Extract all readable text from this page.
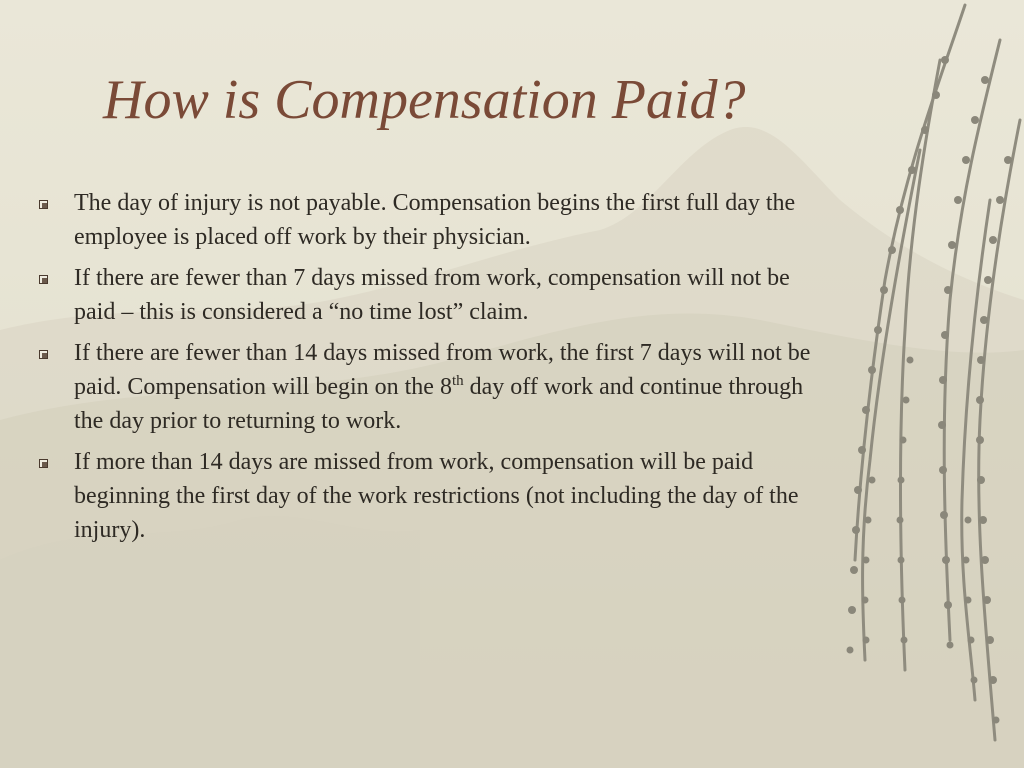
How is Compensation Paid?
The day of injury is not payable. Compensation begins the first full day the employee is placed off work by their physician.
If there are fewer than 7 days missed from work, compensation will not be paid – this is considered a “no time lost” claim.
If there are fewer than 14 days missed from work, the first 7 days will not be paid. Compensation will begin on the 8th day off work and continue through the day prior to returning to work.
If more than 14 days are missed from work, compensation will be paid beginning the first day of the work restrictions (not including the day of the injury).
